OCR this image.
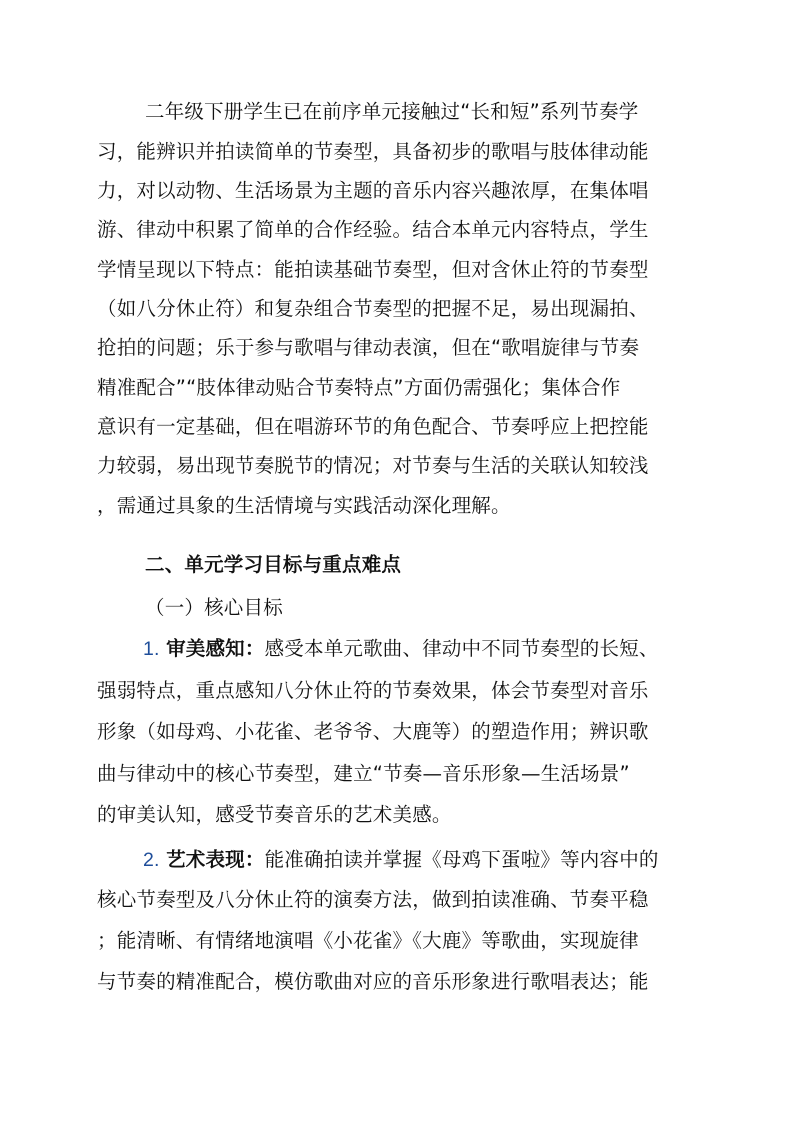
二年级下册学生已在前序单元接触过“长和短”系列节奏学
习，能辨识并拍读简单的节奏型，具备初步的歌唱与肢体律动能
力，对以动物、生活场景为主题的音乐内容兴趣浓厚，在集体唱
游、律动中积累了简单的合作经验。结合本单元内容特点，学生
学情呈现以下特点：能拍读基础节奏型，但对含休止符的节奏型
（如八分休止符）和复杂组合节奏型的把握不足，易出现漏拍、
抢拍的问题；乐于参与歌唱与律动表演，但在“歌唱旋律与节奏
精准配合”“肢体律动贴合节奏特点”方面仍需强化；集体合作
意识有一定基础，但在唱游环节的角色配合、节奏呼应上把控能
力较弱，易出现节奏脱节的情况；对节奏与生活的关联认知较浅
，需通过具象的生活情境与实践活动深化理解。
二、单元学习目标与重点难点
（一）核心目标
1. 审美感知：感受本单元歌曲、律动中不同节奏型的长短、
强弱特点，重点感知八分休止符的节奏效果，体会节奏型对音乐
形象（如母鸡、小花雀、老爷爷、大鹿等）的塑造作用；辨识歌
曲与律动中的核心节奏型，建立“节奏—音乐形象—生活场景”
的审美认知，感受节奏音乐的艺术美感。
2. 艺术表现：能准确拍读并掌握《母鸡下蛋啦》等内容中的
核心节奏型及八分休止符的演奏方法，做到拍读准确、节奏平稳
；能清晰、有情绪地演唱《小花雀》《大鹿》等歌曲，实现旋律
与节奏的精准配合，模仿歌曲对应的音乐形象进行歌唱表达；能
